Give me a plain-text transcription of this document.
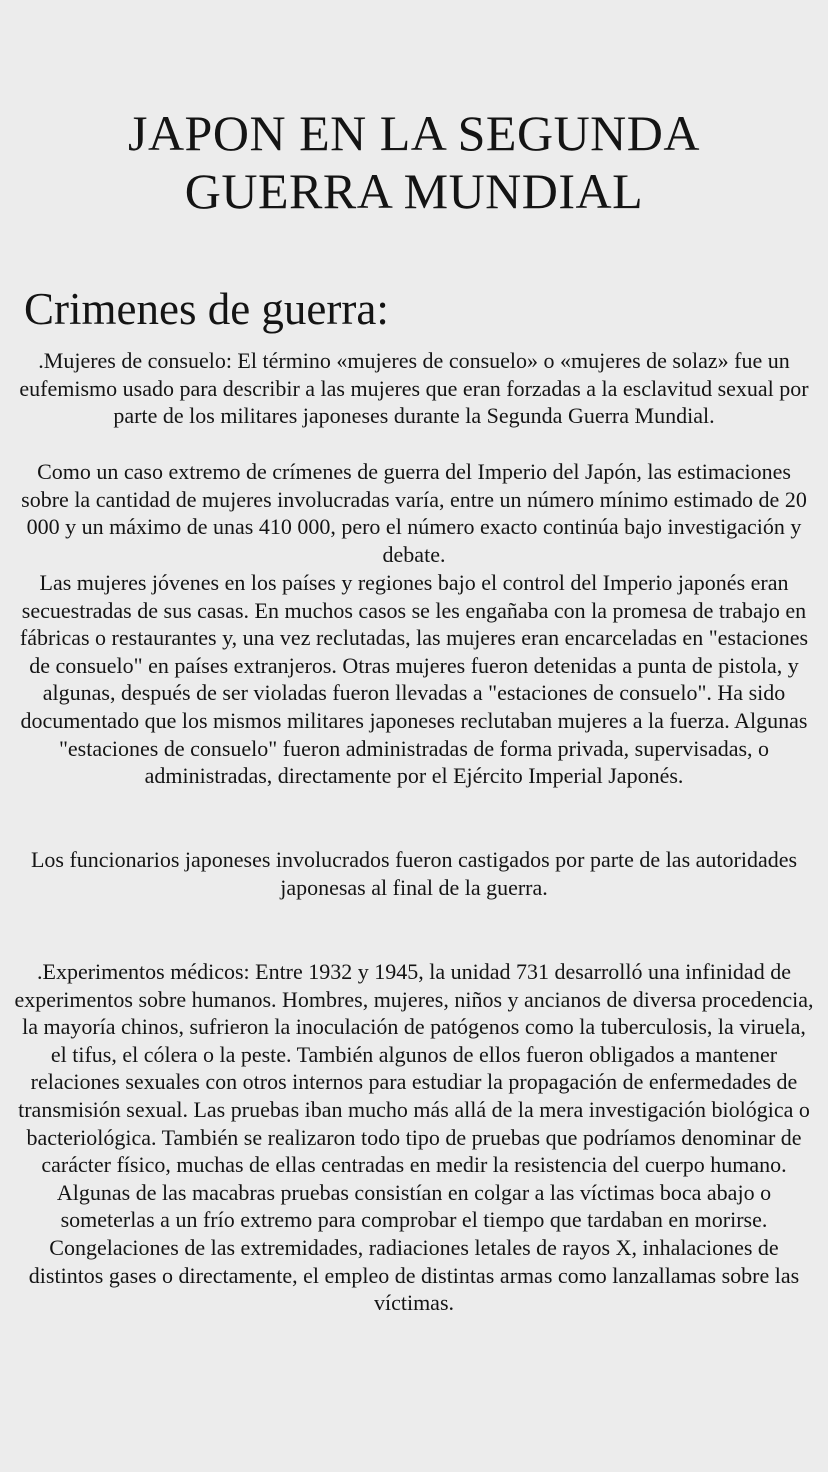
JAPON EN LA SEGUNDA
GUERRA MUNDIAL
Crimenes de guerra:

.Mujeres de consuelo: El término «mujeres de consuelo» o «mujeres de solaz» fue un eufemismo usado para describir a las mujeres que eran forzadas a la esclavitud sexual por parte de los militares japoneses durante la Segunda Guerra Mundial.

Como un caso extremo de crímenes de guerra del Imperio del Japón, las estimaciones sobre la cantidad de mujeres involucradas varía, entre un número mínimo estimado de 20 000 y un máximo de unas 410 000, pero el número exacto continúa bajo investigación y debate.

Las mujeres jóvenes en los países y regiones bajo el control del Imperio japonés eran secuestradas de sus casas. En muchos casos se les engañaba con la promesa de trabajo en fábricas o restaurantes y, una vez reclutadas, las mujeres eran encarceladas en "estaciones de consuelo" en países extranjeros. Otras mujeres fueron detenidas a punta de pistola, y algunas, después de ser violadas fueron llevadas a "estaciones de consuelo". Ha sido documentado que los mismos militares japoneses reclutaban mujeres a la fuerza. Algunas "estaciones de consuelo" fueron administradas de forma privada, supervisadas, o administradas, directamente por el Ejército Imperial Japonés.

Los funcionarios japoneses involucrados fueron castigados por parte de las autoridades japonesas al final de la guerra.

.Experimentos médicos: Entre 1932 y 1945, la unidad 731 desarrolló una infinidad de experimentos sobre humanos. Hombres, mujeres, niños y ancianos de diversa procedencia, la mayoría chinos, sufrieron la inoculación de patógenos como la tuberculosis, la viruela, el tifus, el cólera o la peste. También algunos de ellos fueron obligados a mantener relaciones sexuales con otros internos para estudiar la propagación de enfermedades de transmisión sexual. Las pruebas iban mucho más allá de la mera investigación biológica o bacteriológica. También se realizaron todo tipo de pruebas que podríamos denominar de carácter físico, muchas de ellas centradas en medir la resistencia del cuerpo humano. Algunas de las macabras pruebas consistían en colgar a las víctimas boca abajo o someterlas a un frío extremo para comprobar el tiempo que tardaban en morirse. Congelaciones de las extremidades, radiaciones letales de rayos X, inhalaciones de distintos gases o directamente, el empleo de distintas armas como lanzallamas sobre las víctimas.
